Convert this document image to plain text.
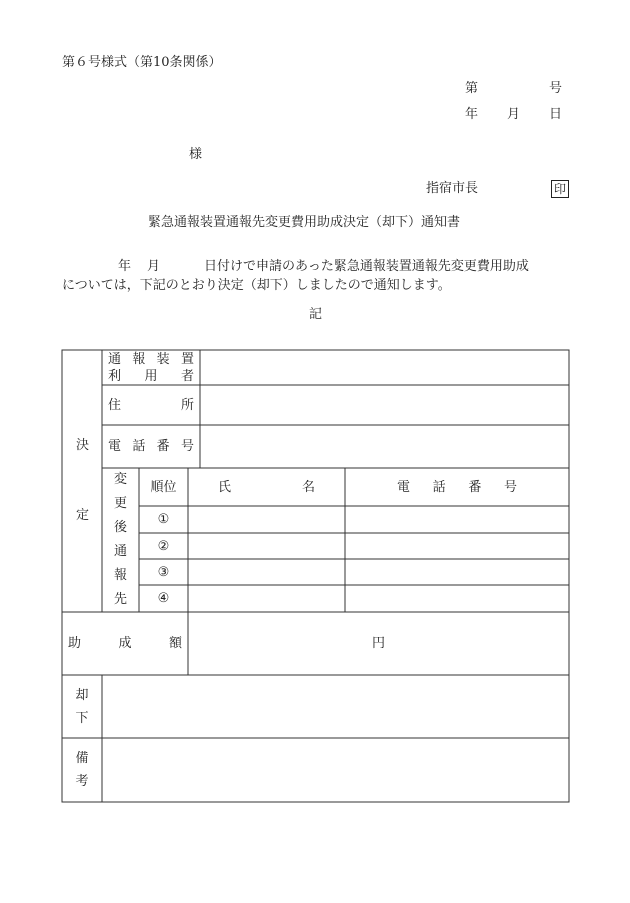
第６号様式（第10条関係）
第	号
年 月 日
様
指宿市長	印
緊急通報装置通報先変更費用助成決定（却下）通知書
年 月	日付けで申請のあった緊急通報装置通報先変更費用助成
については，下記のとおり決定（却下）しましたので通知します。
記
決
定
通 報 装 置
利 用 者
住	所
電 話 番 号
変
更
後
通
報
先
順位	氏	名	電 話 番 号
①
②
③
④
助	成	額	円
却
下
備
考
